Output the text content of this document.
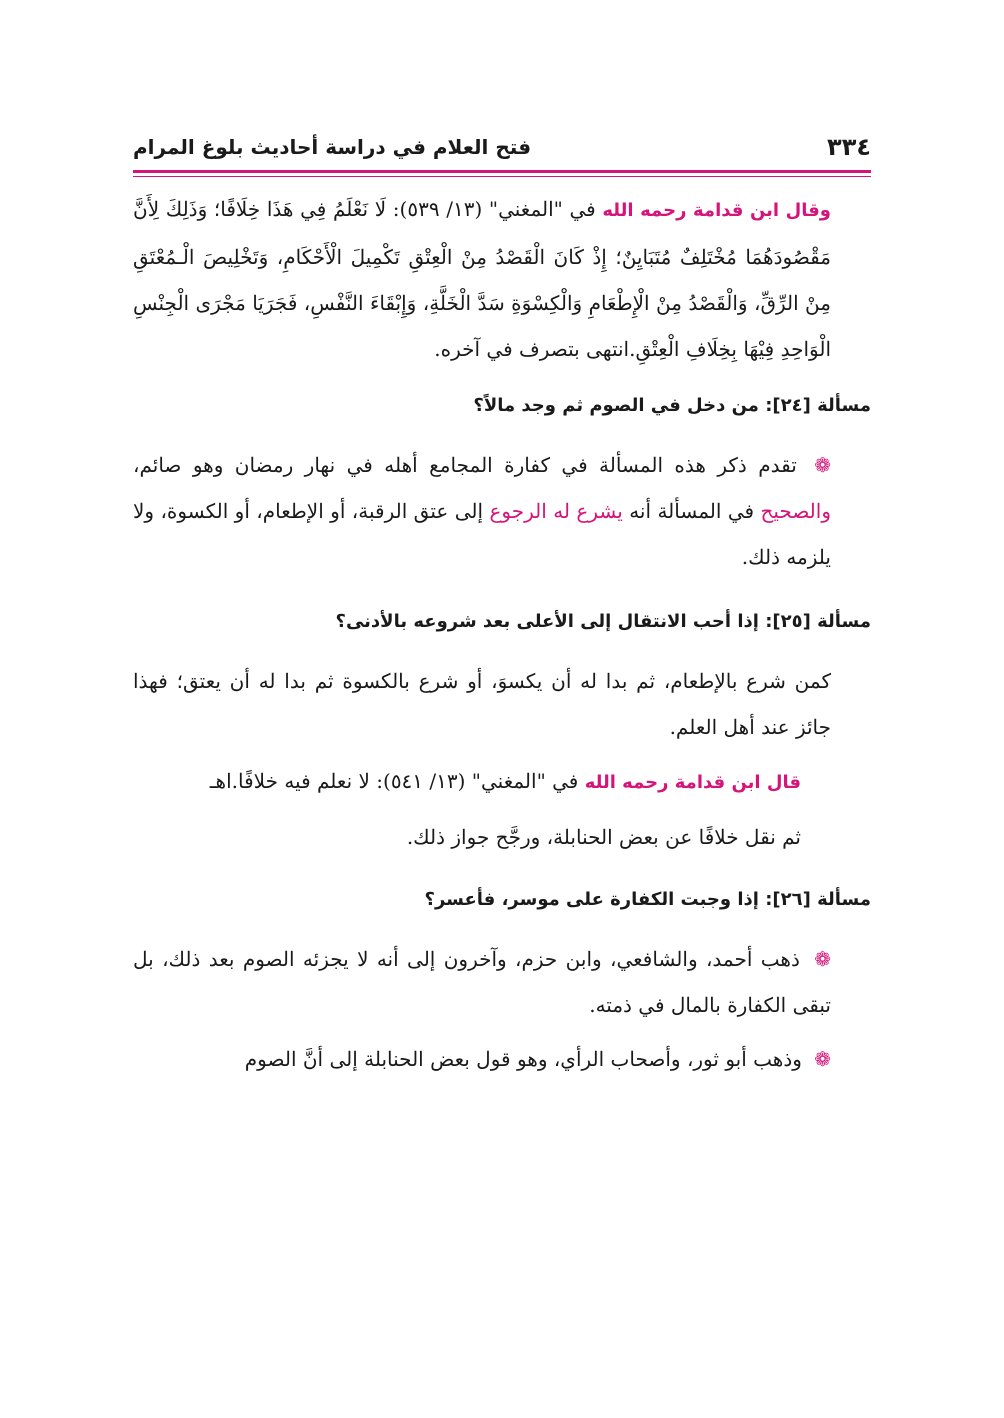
٣٣٤
فتح العلام في دراسة أحاديث بلوغ المرام

وقال ابن قدامة رحمه الله في "المغني" (١٣/ ٥٣٩): لَا نَعْلَمُ فِي هَذَا خِلَافًا؛ وَذَلِكَ لِأَنَّ مَقْصُودَهُمَا مُخْتَلِفٌ مُتَبَايِنٌ؛ إِذْ كَانَ الْقَصْدُ مِنْ الْعِتْقِ تَكْمِيلَ الْأَحْكَامِ، وَتَخْلِيصَ الْـمُعْتَقِ مِنْ الرِّقِّ، وَالْقَصْدُ مِنْ الْإِطْعَامِ وَالْكِسْوَةِ سَدَّ الْخَلَّةِ، وَإِبْقَاءَ النَّفْسِ، فَجَرَيَا مَجْرَى الْجِنْسِ الْوَاحِدِ فِيْهَا بِخِلَافِ الْعِتْقِ.انتهى بتصرف في آخره.

مسألة [٢٤]: من دخل في الصوم ثم وجد مالاً؟

❁ تقدم ذكر هذه المسألة في كفارة المجامع أهله في نهار رمضان وهو صائم، والصحيح في المسألة أنه يشرع له الرجوع إلى عتق الرقبة، أو الإطعام، أو الكسوة، ولا يلزمه ذلك.

مسألة [٢٥]: إذا أحب الانتقال إلى الأعلى بعد شروعه بالأدنى؟

كمن شرع بالإطعام، ثم بدا له أن يكسوَ، أو شرع بالكسوة ثم بدا له أن يعتق؛ فهذا جائز عند أهل العلم.

قال ابن قدامة رحمه الله في "المغني" (١٣/ ٥٤١): لا نعلم فيه خلافًا.اهـ

ثم نقل خلافًا عن بعض الحنابلة، ورجَّح جواز ذلك.

مسألة [٢٦]: إذا وجبت الكفارة على موسر، فأعسر؟

❁ ذهب أحمد، والشافعي، وابن حزم، وآخرون إلى أنه لا يجزئه الصوم بعد ذلك، بل تبقى الكفارة بالمال في ذمته.

❁ وذهب أبو ثور، وأصحاب الرأي، وهو قول بعض الحنابلة إلى أنَّ الصوم
